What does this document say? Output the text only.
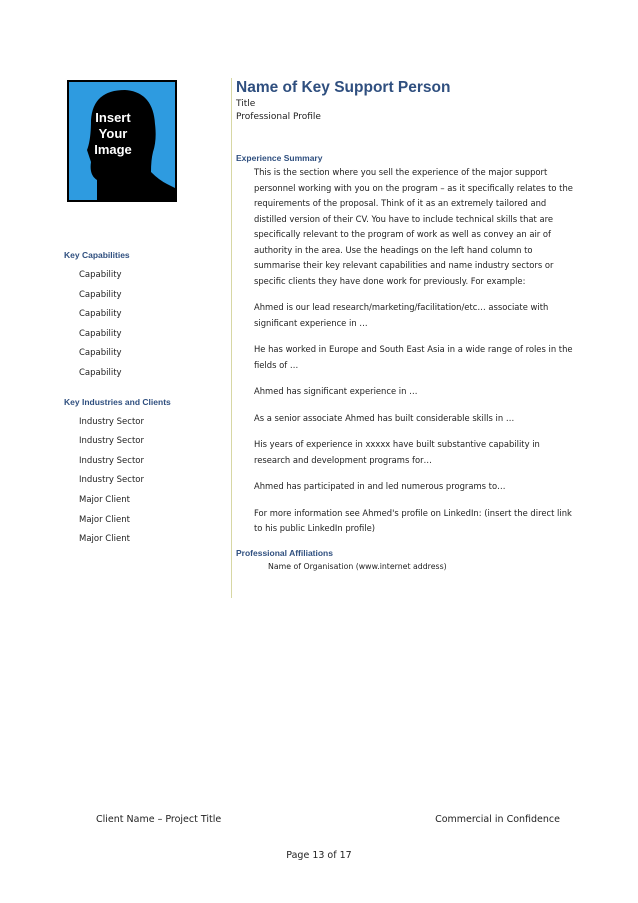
Insert
Your
Image
Key Capabilities
Capability
Capability
Capability
Capability
Capability
Capability
Key Industries and Clients
Industry Sector
Industry Sector
Industry Sector
Industry Sector
Major Client
Major Client
Major Client
Name of Key Support Person
Title
Professional Profile
Experience Summary

This is the section where you sell the experience of the major support personnel working with you on the program – as it specifically relates to the requirements of the proposal. Think of it as an extremely tailored and distilled version of their CV. You have to include technical skills that are specifically relevant to the program of work as well as convey an air of authority in the area. Use the headings on the left hand column to summarise their key relevant capabilities and name industry sectors or specific clients they have done work for previously. For example:

Ahmed is our lead research/marketing/facilitation/etc… associate with significant experience in …

He has worked in Europe and South East Asia in a wide range of roles in the fields of …

Ahmed has significant experience in …

As a senior associate Ahmed has built considerable skills in …

His years of experience in xxxxx have built substantive capability in research and development programs for…

Ahmed has participated in and led numerous programs to…

For more information see Ahmed's profile on LinkedIn: (insert the direct link to his public LinkedIn profile)

Professional Affiliations
Name of Organisation (www.internet address)
Client Name – Project Title	Commercial in Confidence
Page 13 of 17
